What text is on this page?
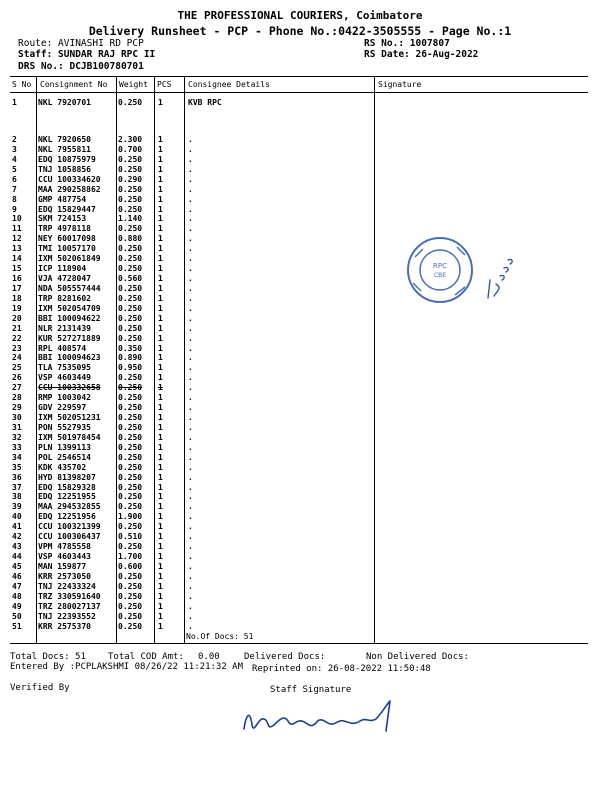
THE PROFESSIONAL COURIERS, Coimbatore
Delivery Runsheet - PCP - Phone No.:0422-3505555 - Page No.:1
Route: AVINASHI RD PCP
Staff: SUNDAR RAJ RPC II
DRS No.: DCJB100780701
RS No.: 1007807
RS Date: 26-Aug-2022
S No Consignment No Weight PCS Consignee Details	Signature
1	NKL 7920701	0.250 1	KVB RPC
2	NKL 7920650	2.300 1	.
3	NKL 7955811	0.700 1	.
4	EDQ 10875979	0.250 1	.
5	TNJ 1058856	0.250 1	.
6	CCU 100334620 0.290 1	.
7	MAA 290258862 0.250 1	.
8	GMP 487754	0.250 1	.
9	EDQ 15829447	0.250 1	.
10 SKM 724153	1.140 1	.
11 TRP 4978118	0.250 1	.
12 NEY 60017098	0.880 1	.
13 TMI 10057170	0.250 1	.
14 IXM 502061849 0.250 1	.
15 ICP 118904	0.250 1	.
16 VJA 4728047	0.560 1	.
17 NDA 505557444 0.250 1	.
18 TRP 8281602	0.250 1	.
19 IXM 502054709 0.250 1	.
20 BBI 100094622 0.250 1	.
21 NLR 2131439	0.250 1	.
22 KUR 527271889 0.250 1	.
23 RPL 408574	0.350 1	.
24 BBI 100094623 0.890 1	.
25 TLA 7535095	0.950 1	.
26 VSP 4603449	0.250 1	.
27 CCU 100332658 0.250 1	.
28 RMP 1003042	0.250 1	.
29 GDV 229597	0.250 1	.
30 IXM 502051231 0.250 1	.
31 PON 5527935	0.250 1	.
32 IXM 501978454 0.250 1	.
33 PLN 1399113	0.250 1	.
34 POL 2546514	0.250 1	.
35 KDK 435702	0.250 1	.
36 HYD 81398207	0.250 1	.
37 EDQ 15829328	0.250 1	.
38 EDQ 12251955	0.250 1	.
39 MAA 294532855 0.250 1	.
40 EDQ 12251956	1.900 1	.
41 CCU 100321399 0.250 1	.
42 CCU 100306437 0.510 1	.
43 VPM 4785558	0.250 1	.
44 VSP 4603443	1.700 1	.
45 MAN 159877	0.600 1	.
46 KRR 2573050	0.250 1	.
47 TNJ 22433324	0.250 1	.
48 TRZ 330591640 0.250 1	.
49 TRZ 280027137 0.250 1	.
50 TNJ 22393552	0.250 1	.
51 KRR 2575370	0.250 1	.
No.Of Docs: 51
Total Docs: 51 Total COD Amt: 0.00	Delivered Docs:	Non Delivered Docs:
Entered By :PCPLAKSHMI 08/26/22 11:21:32 AM Reprinted on: 26-08-2022 11:50:48
Verified By	Staff Signature
RPC
CBE
